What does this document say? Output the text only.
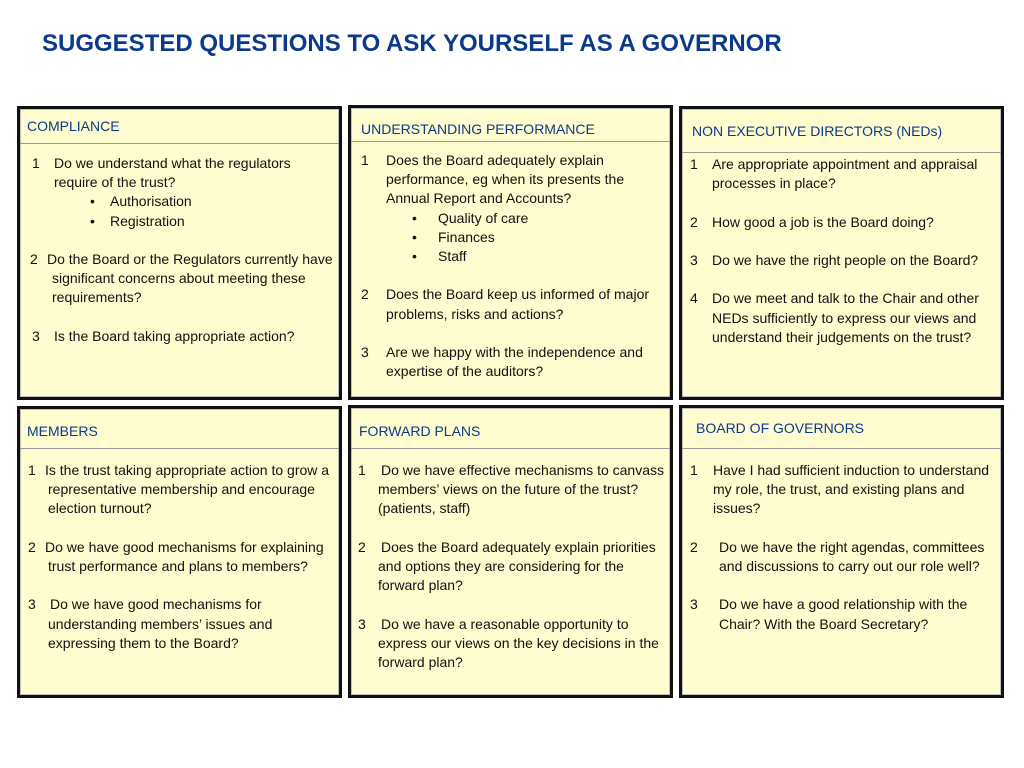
SUGGESTED QUESTIONS TO ASK YOURSELF AS A GOVERNOR
COMPLIANCE
1	Do we understand what the regulators require of the trust?
• Authorisation
• Registration
2 Do the Board or the Regulators currently have significant concerns about meeting these requirements?
3	Is the Board taking appropriate action?
UNDERSTANDING PERFORMANCE
1	Does the Board adequately explain performance, eg when its presents the Annual Report and Accounts?
• Quality of care
• Finances
• Staff
2	Does the Board keep us informed of major problems, risks and actions?
3	Are we happy with the independence and expertise of the auditors?
NON EXECUTIVE DIRECTORS (NEDs)
1	Are appropriate appointment and appraisal processes in place?
2	How good a job is the Board doing?
3	Do we have the right people on the Board?
4	Do we meet and talk to the Chair and other NEDs sufficiently to express our views and understand their judgements on the trust?
MEMBERS
1 Is the trust taking appropriate action to grow a representative membership and encourage election turnout?
2 Do we have good mechanisms for explaining trust performance and plans to members?
3	Do we have good mechanisms for understanding members’ issues and expressing them to the Board?
FORWARD PLANS
1	Do we have effective mechanisms to canvass members’ views on the future of the trust? (patients, staff)
2	Does the Board adequately explain priorities and options they are considering for the forward plan?
3	Do we have a reasonable opportunity to express our views on the key decisions in the forward plan?
BOARD OF GOVERNORS
1	Have I had sufficient induction to understand my role, the trust, and existing plans and issues?
2	Do we have the right agendas, committees and discussions to carry out our role well?
3	Do we have a good relationship with the Chair? With the Board Secretary?
